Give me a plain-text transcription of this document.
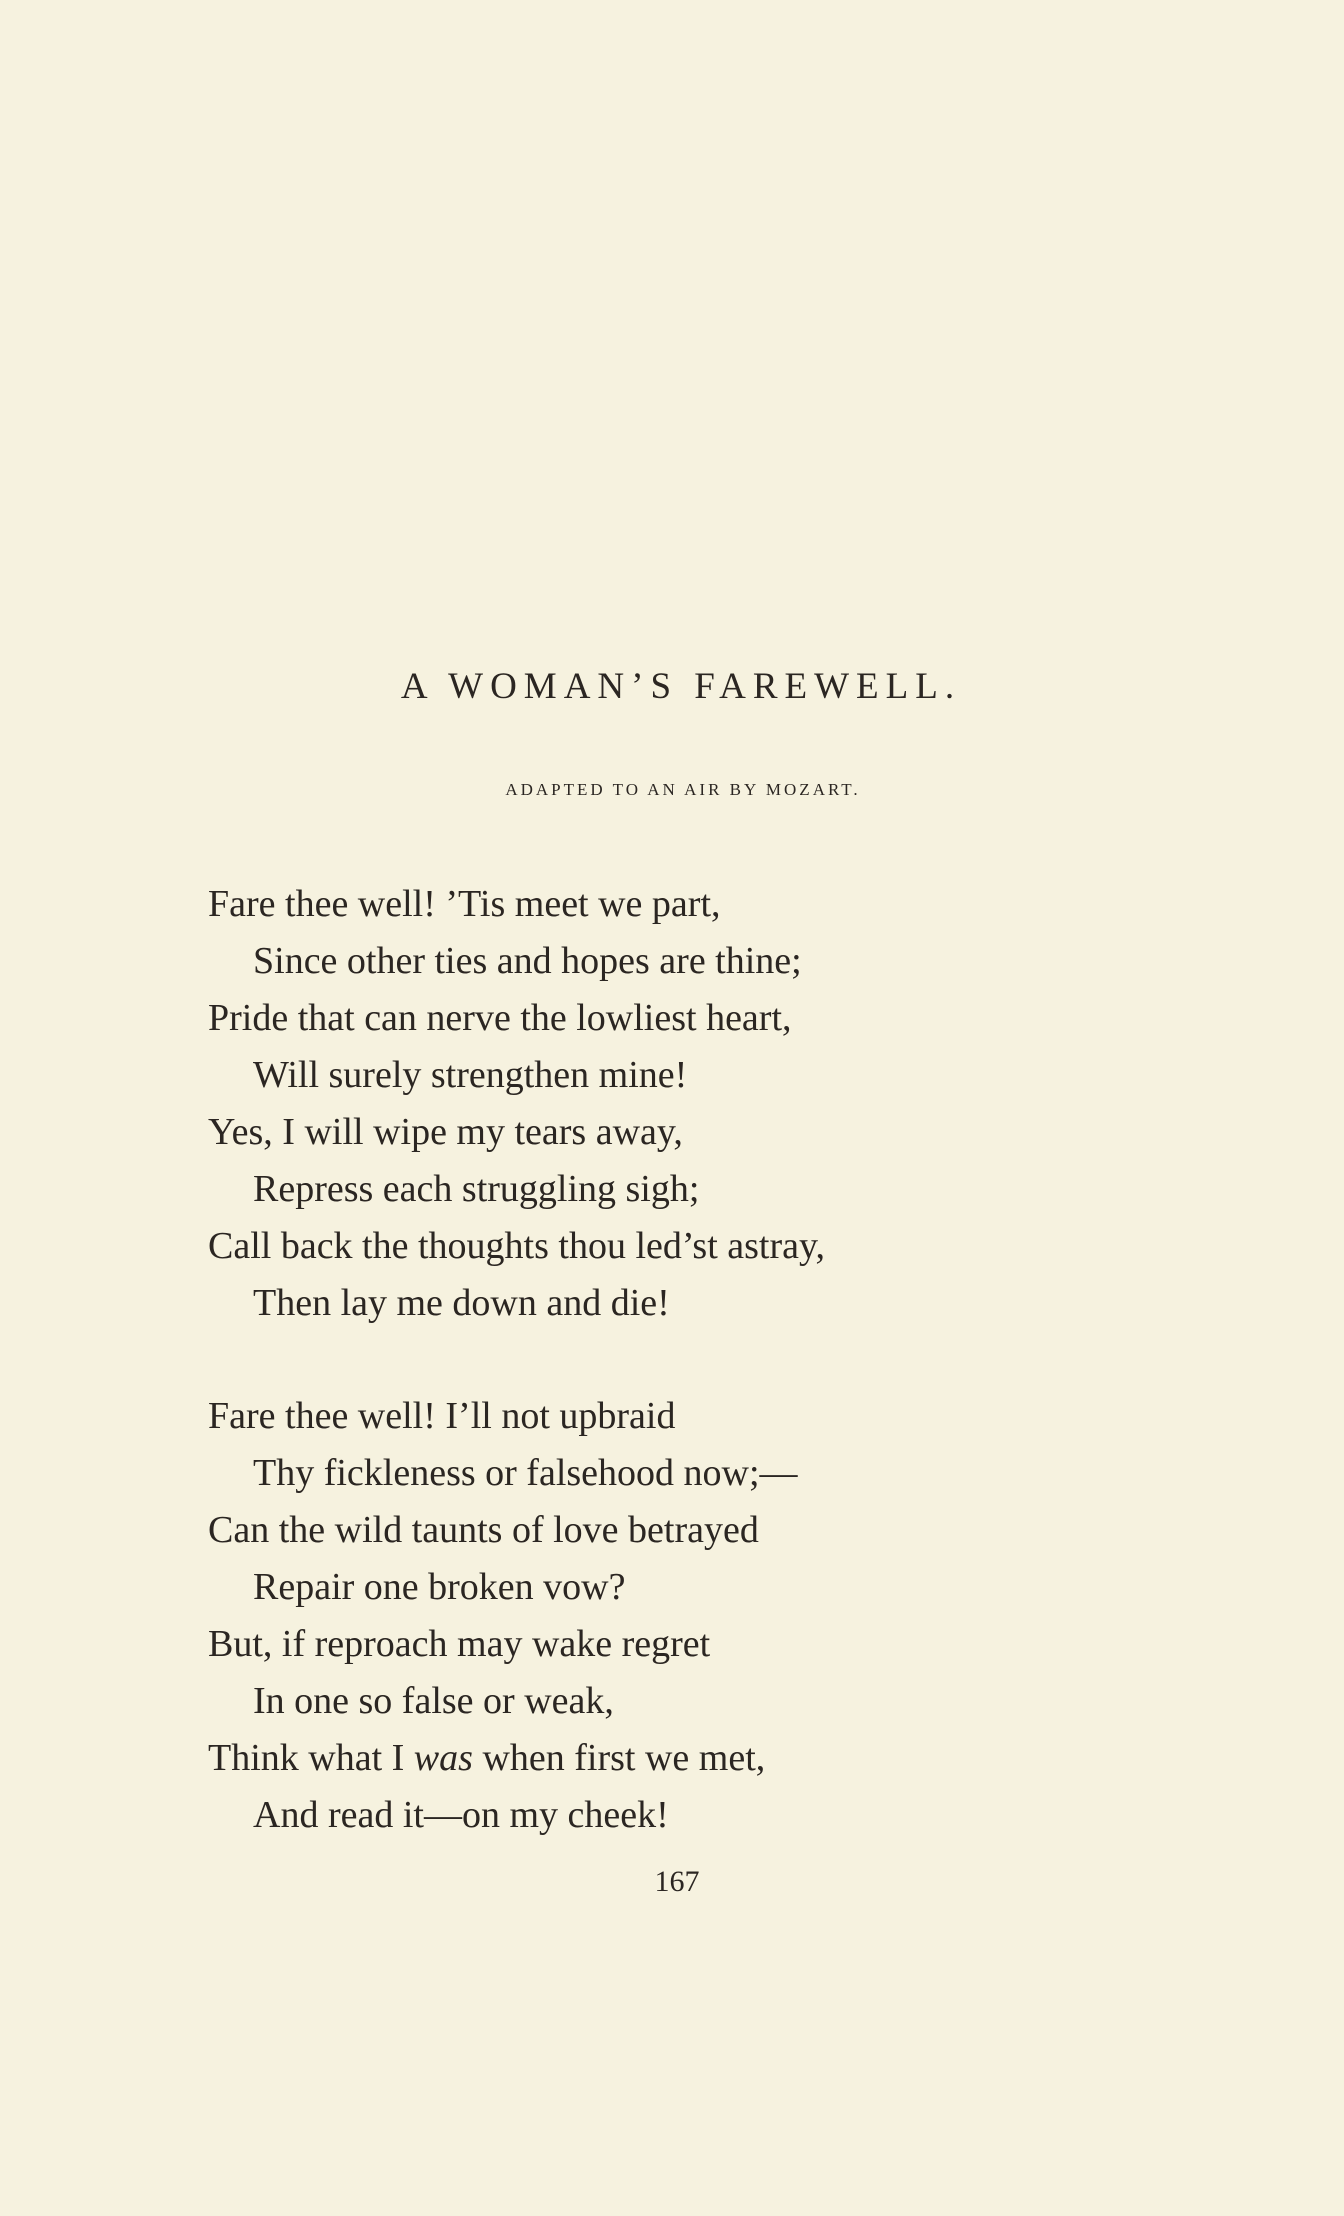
A WOMAN’S FAREWELL.
ADAPTED TO AN AIR BY MOZART.
Fare thee well! ’Tis meet we part,
Since other ties and hopes are thine;
Pride that can nerve the lowliest heart,
Will surely strengthen mine!
Yes, I will wipe my tears away,
Repress each struggling sigh;
Call back the thoughts thou led’st astray,
Then lay me down and die!
Fare thee well! I’ll not upbraid
Thy fickleness or falsehood now;—
Can the wild taunts of love betrayed
Repair one broken vow?
But, if reproach may wake regret
In one so false or weak,
Think what I was when first we met,
And read it—on my cheek!
167
